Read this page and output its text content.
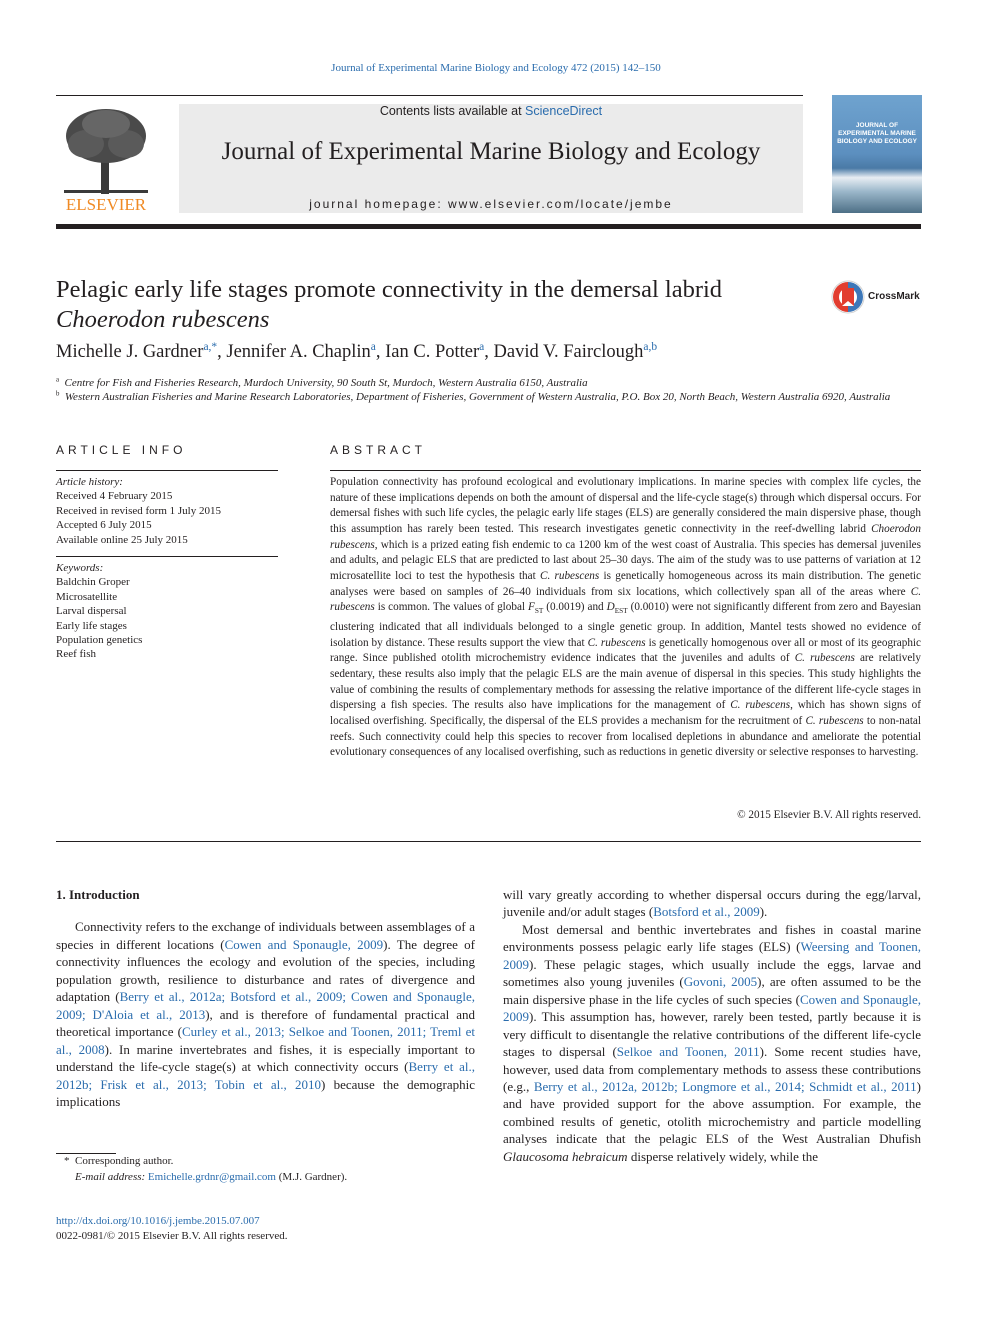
Journal of Experimental Marine Biology and Ecology 472 (2015) 142–150
ELSEVIER
Contents lists available at ScienceDirect
Journal of Experimental Marine Biology and Ecology
journal homepage: www.elsevier.com/locate/jembe
JOURNAL OF EXPERIMENTAL MARINE BIOLOGY AND ECOLOGY
Pelagic early life stages promote connectivity in the demersal labrid
Choerodon rubescens
CrossMark
Michelle J. Gardner$^{a,*}$, Jennifer A. Chaplin$^a$, Ian C. Potter$^a$, David V. Fairclough$^{a,b}$
$^a$ Centre for Fish and Fisheries Research, Murdoch University, 90 South St, Murdoch, Western Australia 6150, Australia
$^b$ Western Australian Fisheries and Marine Research Laboratories, Department of Fisheries, Government of Western Australia, P.O. Box 20, North Beach, Western Australia 6920, Australia
ARTICLE INFO	ABSTRACT
Article history:
Received 4 February 2015
Received in revised form 1 July 2015
Accepted 6 July 2015
Available online 25 July 2015
Keywords:
Baldchin Groper
Microsatellite
Larval dispersal
Early life stages
Population genetics
Reef fish
Population connectivity has profound ecological and evolutionary implications. In marine species with complex life cycles, the nature of these implications depends on both the amount of dispersal and the life-cycle stage(s) through which dispersal occurs. For demersal fishes with such life cycles, the pelagic early life stages (ELS) are generally considered the main dispersive phase, though this assumption has rarely been tested. This research investigates genetic connectivity in the reef-dwelling labrid Choerodon rubescens, which is a prized eating fish endemic to ca 1200 km of the west coast of Australia. This species has demersal juveniles and adults, and pelagic ELS that are predicted to last about 25–30 days. The aim of the study was to use patterns of variation at 12 microsatellite loci to test the hypothesis that C. rubescens is genetically homogeneous across its main distribution. The genetic analyses were based on samples of 26–40 individuals from six locations, which collectively span all of the areas where C. rubescens is common. The values of global $F_{ST}$ (0.0019) and $D_{EST}$ (0.0010) were not significantly different from zero and Bayesian clustering indicated that all individuals belonged to a single genetic group. In addition, Mantel tests showed no evidence of isolation by distance. These results support the view that C. rubescens is genetically homogenous over all or most of its geographic range. Since published otolith microchemistry evidence indicates that the juveniles and adults of C. rubescens are relatively sedentary, these results also imply that the pelagic ELS are the main avenue of dispersal in this species. This study highlights the value of combining the results of complementary methods for assessing the relative importance of the different life-cycle stages in dispersing a fish species. The results also have implications for the management of C. rubescens, which has shown signs of localised overfishing. Specifically, the dispersal of the ELS provides a mechanism for the recruitment of C. rubescens to non-natal reefs. Such connectivity could help this species to recover from localised depletions in abundance and ameliorate the potential evolutionary consequences of any localised overfishing, such as reductions in genetic diversity or selective responses to harvesting.
© 2015 Elsevier B.V. All rights reserved.
1. Introduction

Connectivity refers to the exchange of individuals between assemblages of a species in different locations (Cowen and Sponaugle, 2009). The degree of connectivity influences the ecology and evolution of the species, including population growth, resilience to disturbance and rates of divergence and adaptation (Berry et al., 2012a; Botsford et al., 2009; Cowen and Sponaugle, 2009; D'Aloia et al., 2013), and is therefore of fundamental practical and theoretical importance (Curley et al., 2013; Selkoe and Toonen, 2011; Treml et al., 2008). In marine invertebrates and fishes, it is especially important to understand the life-cycle stage(s) at which connectivity occurs (Berry et al., 2012b; Frisk et al., 2013; Tobin et al., 2010) because the demographic implications

will vary greatly according to whether dispersal occurs during the egg/larval, juvenile and/or adult stages (Botsford et al., 2009).

Most demersal and benthic invertebrates and fishes in coastal marine environments possess pelagic early life stages (ELS) (Weersing and Toonen, 2009). These pelagic stages, which usually include the eggs, larvae and sometimes also young juveniles (Govoni, 2005), are often assumed to be the main dispersive phase in the life cycles of such species (Cowen and Sponaugle, 2009). This assumption has, however, rarely been tested, partly because it is very difficult to disentangle the relative contributions of the different life-cycle stages to dispersal (Selkoe and Toonen, 2011). Some recent studies have, however, used data from complementary methods to assess these contributions (e.g., Berry et al., 2012a, 2012b; Longmore et al., 2014; Schmidt et al., 2011) and have provided support for the above assumption. For example, the combined results of genetic, otolith microchemistry and particle modelling analyses indicate that the pelagic ELS of the West Australian Dhufish Glaucosoma hebraicum disperse relatively widely, while the

* Corresponding author.
E-mail address: Emichelle.grdnr@gmail.com (M.J. Gardner).
http://dx.doi.org/10.1016/j.jembe.2015.07.007
0022-0981/© 2015 Elsevier B.V. All rights reserved.
